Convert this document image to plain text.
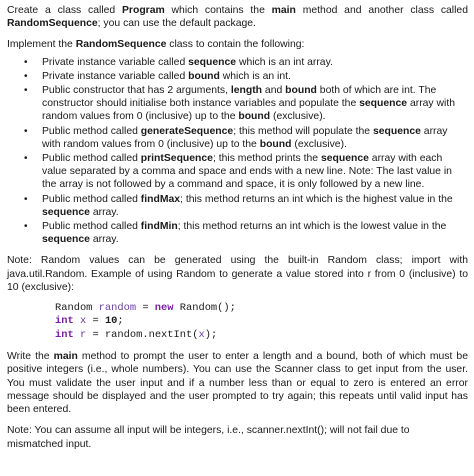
Create a class called Program which contains the main method and another class called RandomSequence; you can use the default package.

Implement the RandomSequence class to contain the following:

• Private instance variable called sequence which is an int array.
• Private instance variable called bound which is an int.
• Public constructor that has 2 arguments, length and bound both of which are int. The constructor should initialise both instance variables and populate the sequence array with random values from 0 (inclusive) up to the bound (exclusive).
• Public method called generateSequence; this method will populate the sequence array with random values from 0 (inclusive) up to the bound (exclusive).
• Public method called printSequence; this method prints the sequence array with each value separated by a comma and space and ends with a new line. Note: The last value in the array is not followed by a command and space, it is only followed by a new line.
• Public method called findMax; this method returns an int which is the highest value in the sequence array.
• Public method called findMin; this method returns an int which is the lowest value in the sequence array.

Note: Random values can be generated using the built-in Random class; import with java.util.Random. Example of using Random to generate a value stored into r from 0 (inclusive) to 10 (exclusive):

Random random = new Random();
int x = 10;
int r = random.nextInt(x);

Write the main method to prompt the user to enter a length and a bound, both of which must be positive integers (i.e., whole numbers). You can use the Scanner class to get input from the user. You must validate the user input and if a number less than or equal to zero is entered an error message should be displayed and the user prompted to try again; this repeats until valid input has been entered.

Note: You can assume all input will be integers, i.e., scanner.nextInt(); will not fail due to mismatched input.
